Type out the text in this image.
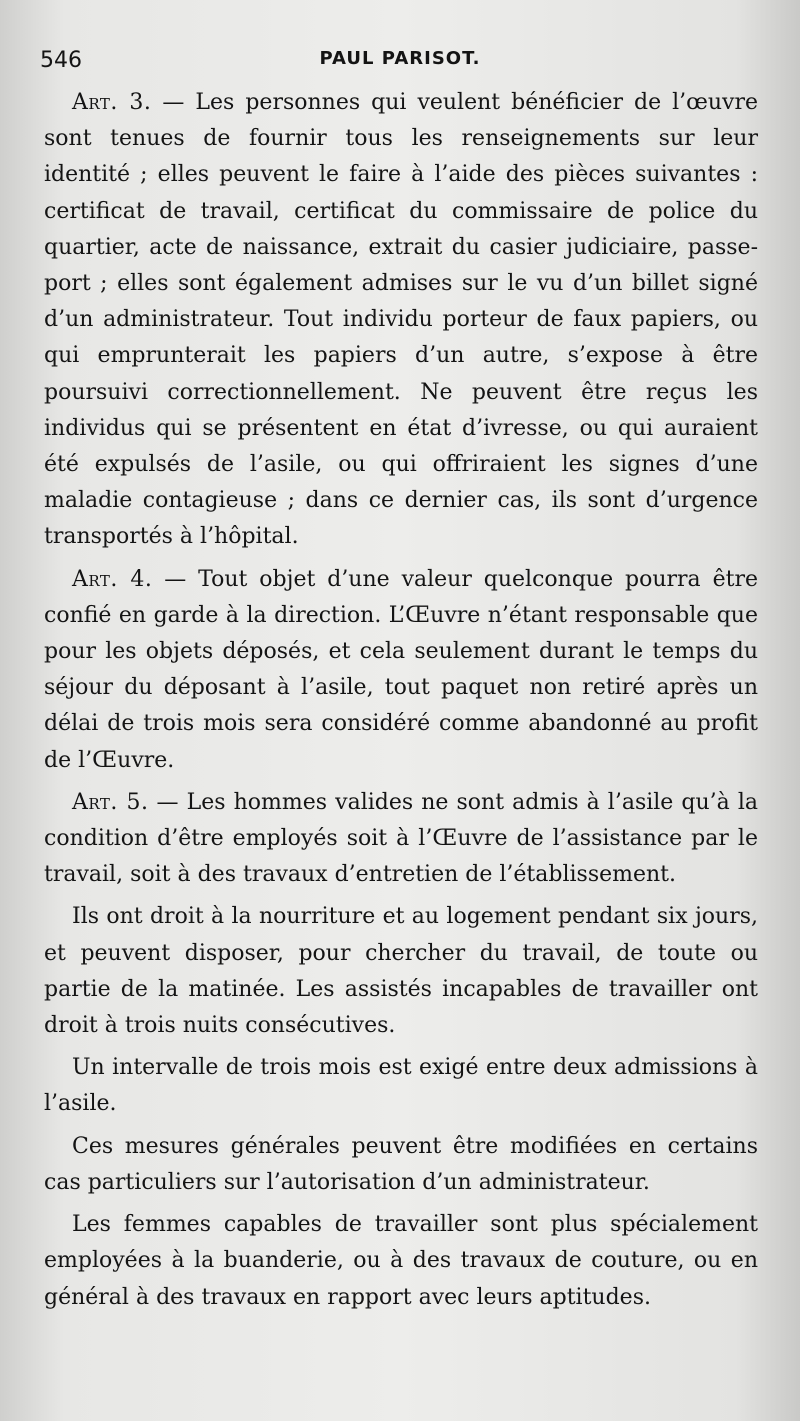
546	PAUL PARISOT.

Art. 3. — Les personnes qui veulent bénéficier de l’œuvre sont tenues de fournir tous les renseignements sur leur identité ; elles peuvent le faire à l’aide des pièces suivantes : certificat de travail, certificat du commissaire de police du quartier, acte de naissance, extrait du casier judiciaire, passe-port ; elles sont également admises sur le vu d’un billet signé d’un administrateur. Tout individu porteur de faux papiers, ou qui emprunterait les papiers d’un autre, s’expose à être poursuivi correctionnellement. Ne peuvent être reçus les individus qui se présentent en état d’ivresse, ou qui auraient été expulsés de l’asile, ou qui offriraient les signes d’une maladie contagieuse ; dans ce dernier cas, ils sont d’urgence transportés à l’hôpital.

Art. 4. — Tout objet d’une valeur quelconque pourra être confié en garde à la direction. L’Œuvre n’étant responsable que pour les objets déposés, et cela seulement durant le temps du séjour du déposant à l’asile, tout paquet non retiré après un délai de trois mois sera considéré comme abandonné au profit de l’Œuvre.

Art. 5. — Les hommes valides ne sont admis à l’asile qu’à la condition d’être employés soit à l’Œuvre de l’assistance par le travail, soit à des travaux d’entretien de l’établissement.

Ils ont droit à la nourriture et au logement pendant six jours, et peuvent disposer, pour chercher du travail, de toute ou partie de la matinée. Les assistés incapables de travailler ont droit à trois nuits consécutives.

Un intervalle de trois mois est exigé entre deux admissions à l’asile.

Ces mesures générales peuvent être modifiées en certains cas particuliers sur l’autorisation d’un administrateur.

Les femmes capables de travailler sont plus spécialement employées à la buanderie, ou à des travaux de couture, ou en général à des travaux en rapport avec leurs aptitudes.
